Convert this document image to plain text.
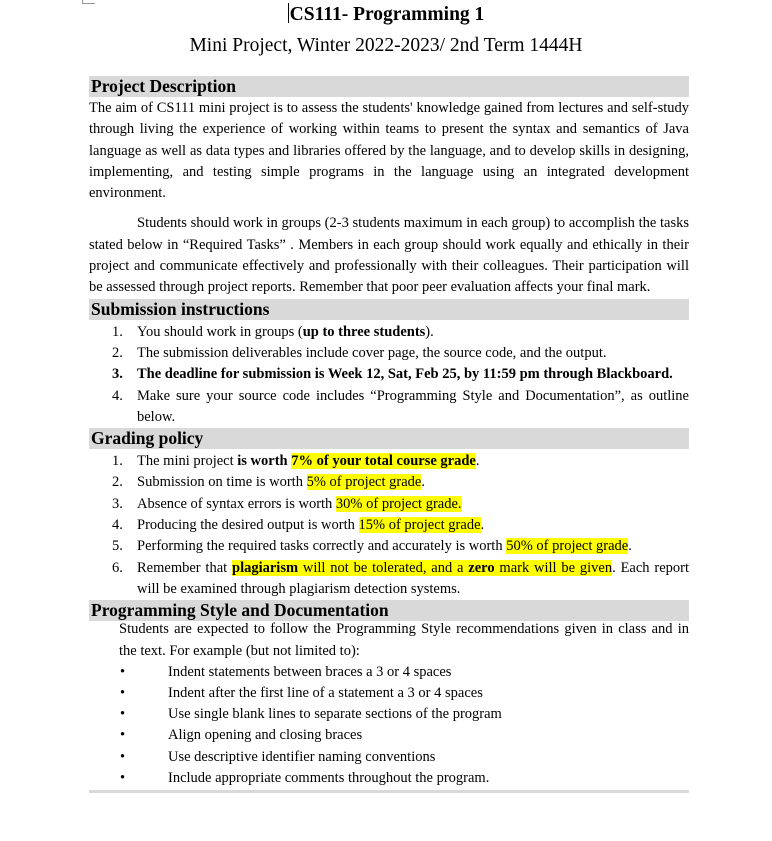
CS111- Programming 1
Mini Project, Winter 2022-2023/ 2nd Term 1444H
Project Description

The aim of CS111 mini project is to assess the students' knowledge gained from lectures and self-study through living the experience of working within teams to present the syntax and semantics of Java language as well as data types and libraries offered by the language, and to develop skills in designing, implementing, and testing simple programs in the language using an integrated development environment.

Students should work in groups (2-3 students maximum in each group) to accomplish the tasks stated below in “Required Tasks” . Members in each group should work equally and ethically in their project and communicate effectively and professionally with their colleagues. Their participation will be assessed through project reports. Remember that poor peer evaluation affects your final mark.

Submission instructions
1. You should work in groups (up to three students).
2. The submission deliverables include cover page, the source code, and the output.
3. The deadline for submission is Week 12, Sat, Feb 25, by 11:59 pm through Blackboard.
4. Make sure your source code includes “Programming Style and Documentation”, as outline below.
Grading policy
1. The mini project is worth 7% of your total course grade.
2. Submission on time is worth 5% of project grade.
3. Absence of syntax errors is worth 30% of project grade.
4. Producing the desired output is worth 15% of project grade.
5. Performing the required tasks correctly and accurately is worth 50% of project grade.
6. Remember that plagiarism will not be tolerated, and a zero mark will be given. Each report will be examined through plagiarism detection systems.
Programming Style and Documentation

Students are expected to follow the Programming Style recommendations given in class and in the text. For example (but not limited to):

•	Indent statements between braces a 3 or 4 spaces
•	Indent after the first line of a statement a 3 or 4 spaces
•	Use single blank lines to separate sections of the program
•	Align opening and closing braces
•	Use descriptive identifier naming conventions
•	Include appropriate comments throughout the program.
